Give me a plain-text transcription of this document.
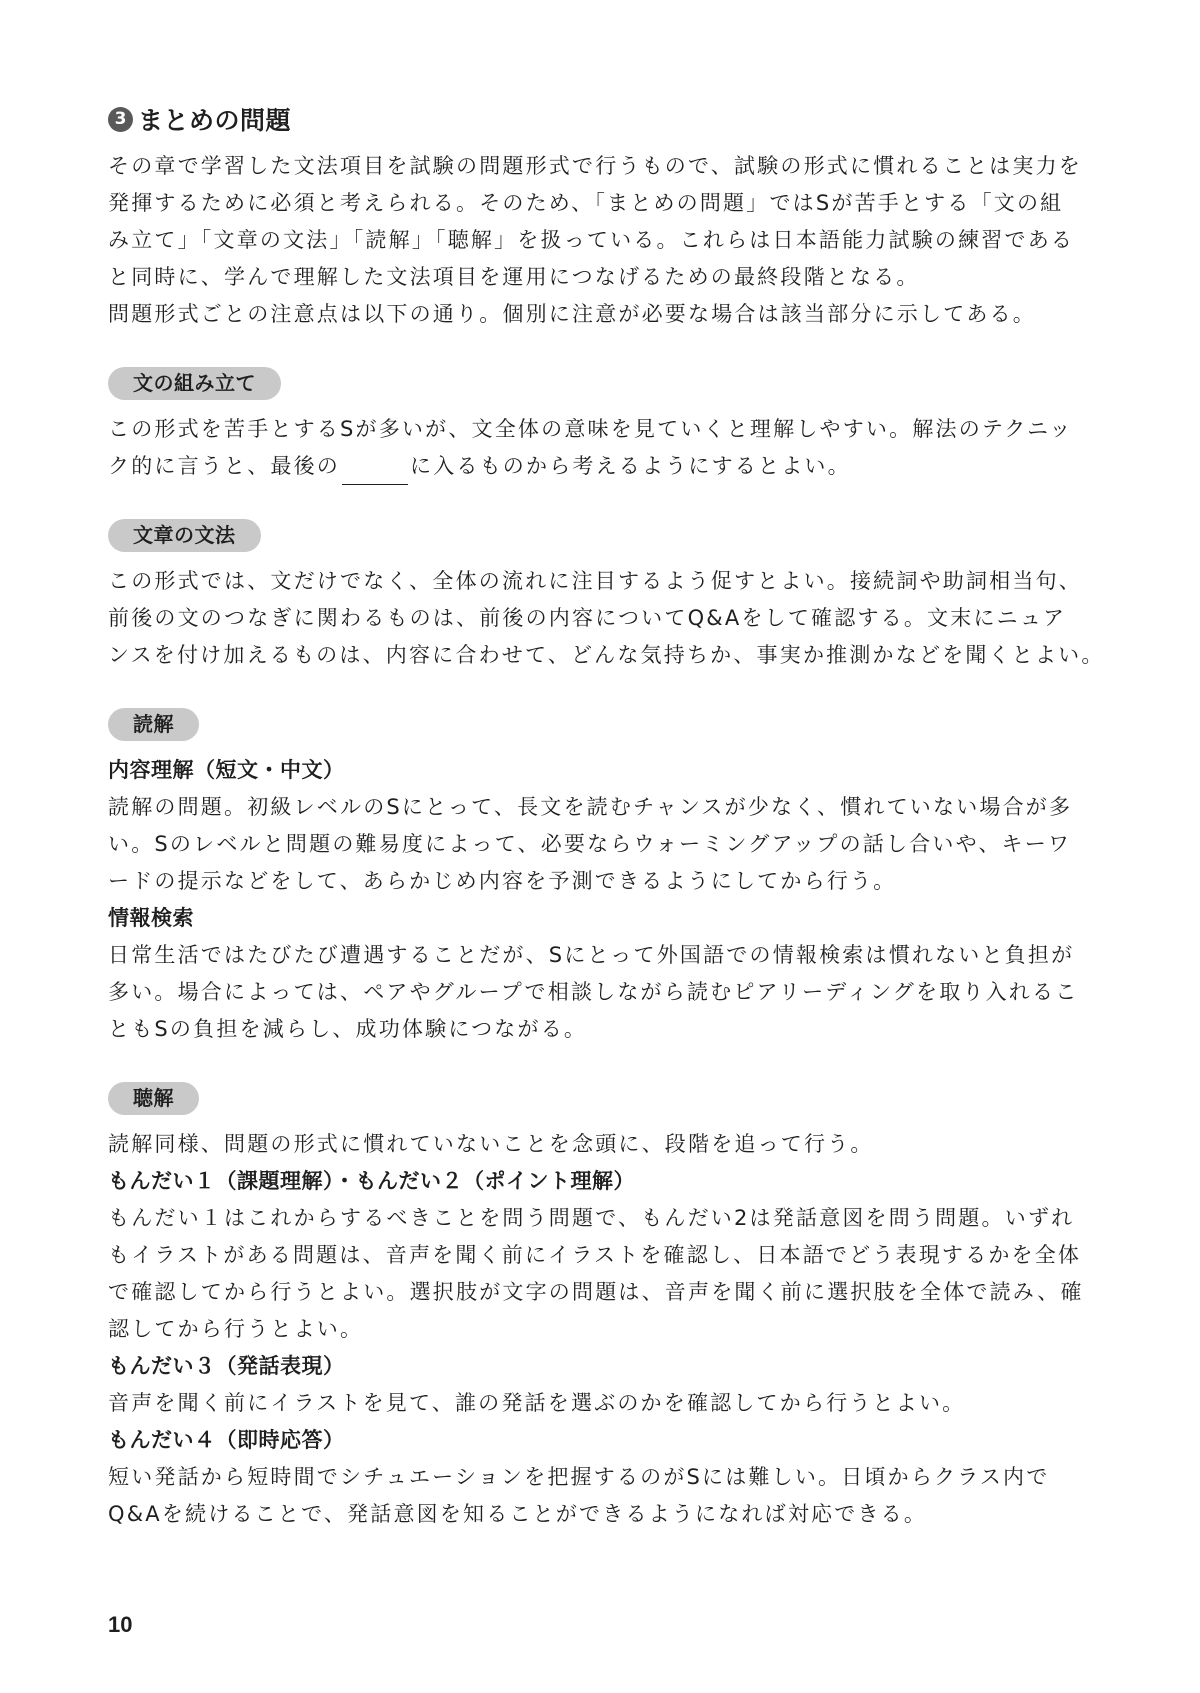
3 まとめの問題

その章で学習した文法項目を試験の問題形式で行うもので、試験の形式に慣れることは実力を
発揮するために必須と考えられる。そのため、「まとめの問題」ではSが苦手とする「文の組
み立て」「文章の文法」「読解」「聴解」を扱っている。これらは日本語能力試験の練習である
と同時に、学んで理解した文法項目を運用につなげるための最終段階となる。
問題形式ごとの注意点は以下の通り。個別に注意が必要な場合は該当部分に示してある。

文の組み立て

この形式を苦手とするSが多いが、文全体の意味を見ていくと理解しやすい。解法のテクニッ
ク的に言うと、最後の	に入るものから考えるようにするとよい。

文章の文法

この形式では、文だけでなく、全体の流れに注目するよう促すとよい。接続詞や助詞相当句、
前後の文のつなぎに関わるものは、前後の内容についてQ&Aをして確認する。文末にニュア
ンスを付け加えるものは、内容に合わせて、どんな気持ちか、事実か推測かなどを聞くとよい。

読解
内容理解（短文・中文）

読解の問題。初級レベルのSにとって、長文を読むチャンスが少なく、慣れていない場合が多
い。Sのレベルと問題の難易度によって、必要ならウォーミングアップの話し合いや、キーワ
ードの提示などをして、あらかじめ内容を予測できるようにしてから行う。

情報検索

日常生活ではたびたび遭遇することだが、Sにとって外国語での情報検索は慣れないと負担が
多い。場合によっては、ペアやグループで相談しながら読むピアリーディングを取り入れるこ
ともSの負担を減らし、成功体験につながる。

聴解

読解同様、問題の形式に慣れていないことを念頭に、段階を追って行う。

もんだい１（課題理解）・もんだい２（ポイント理解）

もんだい１はこれからするべきことを問う問題で、もんだい2は発話意図を問う問題。いずれ
もイラストがある問題は、音声を聞く前にイラストを確認し、日本語でどう表現するかを全体
で確認してから行うとよい。選択肢が文字の問題は、音声を聞く前に選択肢を全体で読み、確
認してから行うとよい。

もんだい３（発話表現）

音声を聞く前にイラストを見て、誰の発話を選ぶのかを確認してから行うとよい。

もんだい４（即時応答）

短い発話から短時間でシチュエーションを把握するのがSには難しい。日頃からクラス内で
Q&Aを続けることで、発話意図を知ることができるようになれば対応できる。

10
